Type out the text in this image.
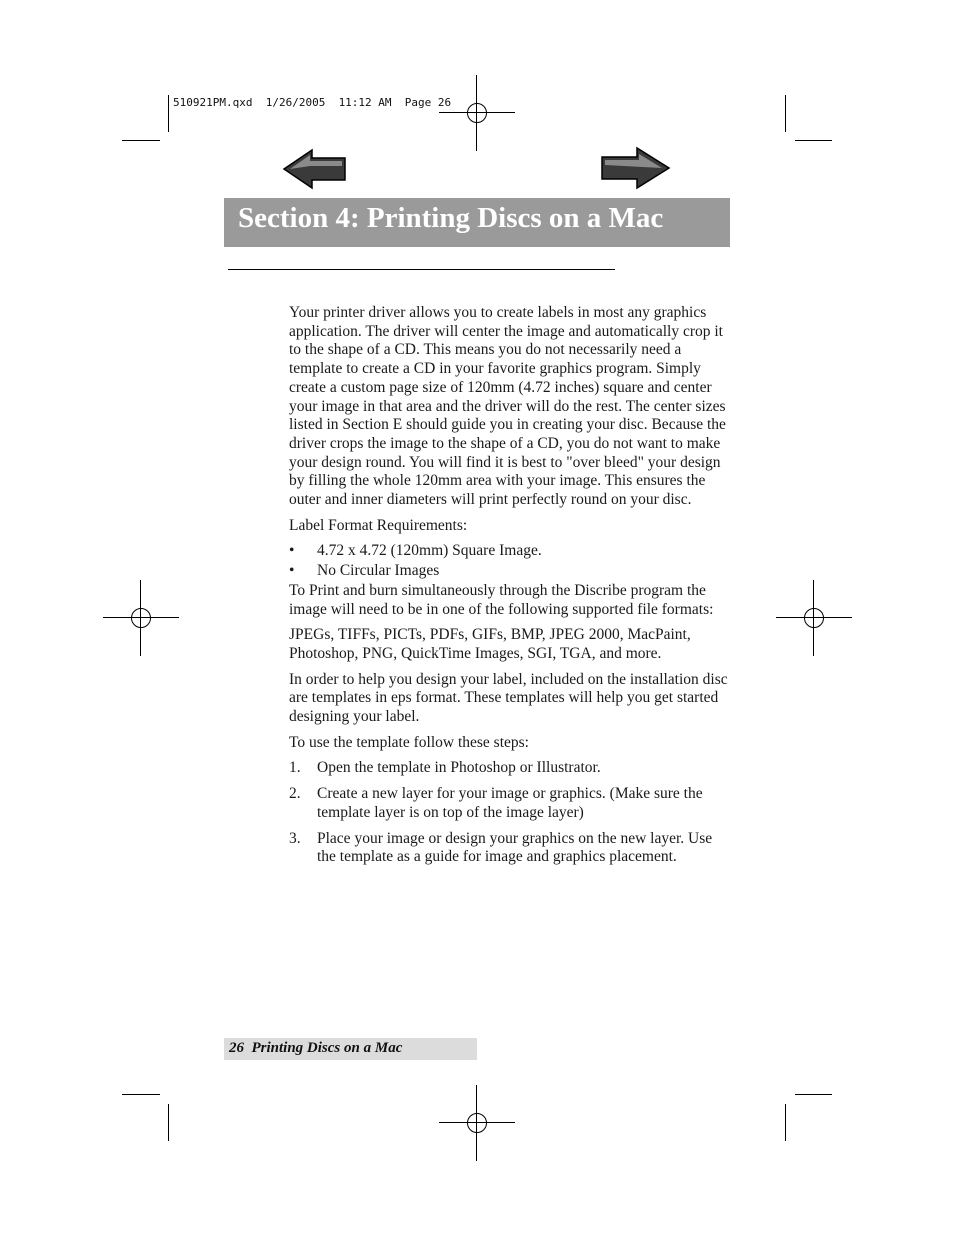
510921PM.qxd  1/26/2005  11:12 AM  Page 26
Section 4: Printing Discs on a Mac

Your printer driver allows you to create labels in most any graphics application. The driver will center the image and automatically crop it to the shape of a CD. This means you do not necessarily need a template to create a CD in your favorite graphics program. Simply create a custom page size of 120mm (4.72 inches) square and center your image in that area and the driver will do the rest. The center sizes listed in Section E should guide you in creating your disc. Because the driver crops the image to the shape of a CD, you do not want to make your design round. You will find it is best to "over bleed" your design by filling the whole 120mm area with your image. This ensures the outer and inner diameters will print perfectly round on your disc.

Label Format Requirements:

• 4.72 x 4.72 (120mm) Square Image.
• No Circular Images

To Print and burn simultaneously through the Discribe program the image will need to be in one of the following supported file formats:

JPEGs, TIFFs, PICTs, PDFs, GIFs, BMP, JPEG 2000, MacPaint, Photoshop, PNG, QuickTime Images, SGI, TGA, and more.

In order to help you design your label, included on the installation disc are templates in eps format. These templates will help you get started designing your label.

To use the template follow these steps:

1. Open the template in Photoshop or Illustrator.
2. Create a new layer for your image or graphics. (Make sure the template layer is on top of the image layer)
3. Place your image or design your graphics on the new layer. Use the template as a guide for image and graphics placement.
26 Printing Discs on a Mac
